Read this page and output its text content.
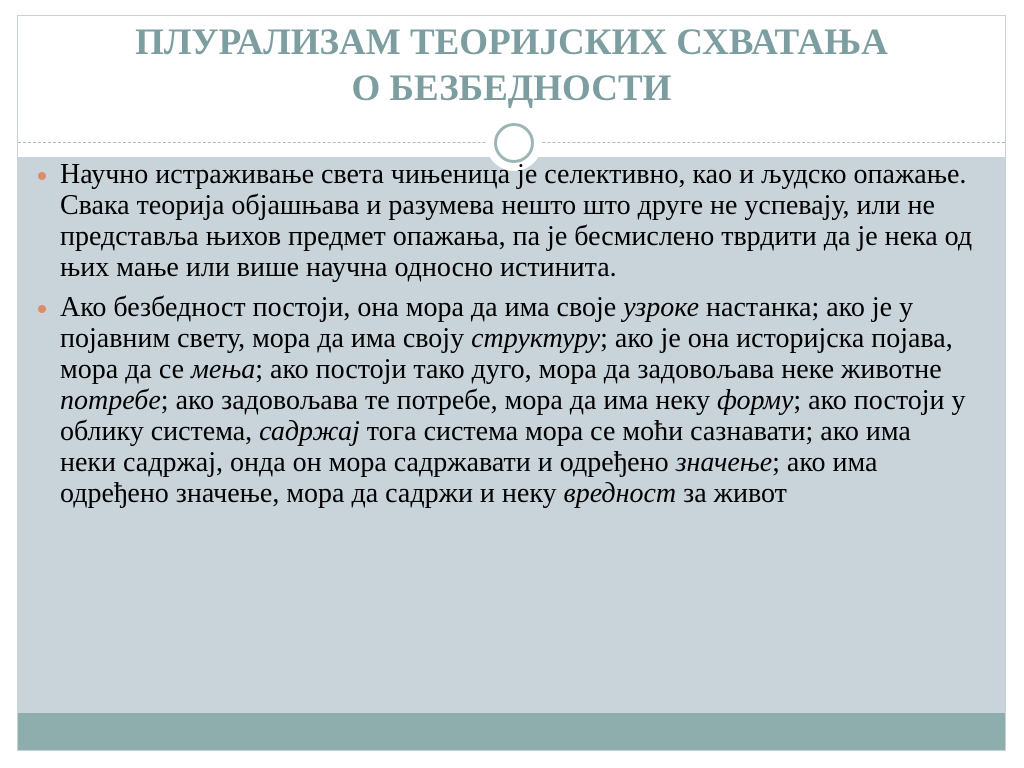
ПЛУРАЛИЗАМ ТЕОРИЈСКИХ СХВАТАЊА
О БЕЗБЕДНОСТИ
Научно истраживање света чињеница је селективно, као и људско опажање. Свака теорија објашњава и разумева нешто што друге не успевају, или не представља њихов предмет опажања, па је бесмислено тврдити да је нека од њих мање или више научна односно истинита.
Ако безбедност постоји, она мора да има своје узроке настанка; ако је у појавним свету, мора да има своју структуру; ако је она историјска појава, мора да се мења; ако постоји тако дуго, мора да задовољава неке животне потребе; ако задовољава те потребе, мора да има неку форму; ако постоји у облику система, садржај тога система мора се моћи сазнавати; ако има неки садржај, онда он мора садржавати и одређено значење; ако има одређено значење, мора да садржи и неку вредност за живот
